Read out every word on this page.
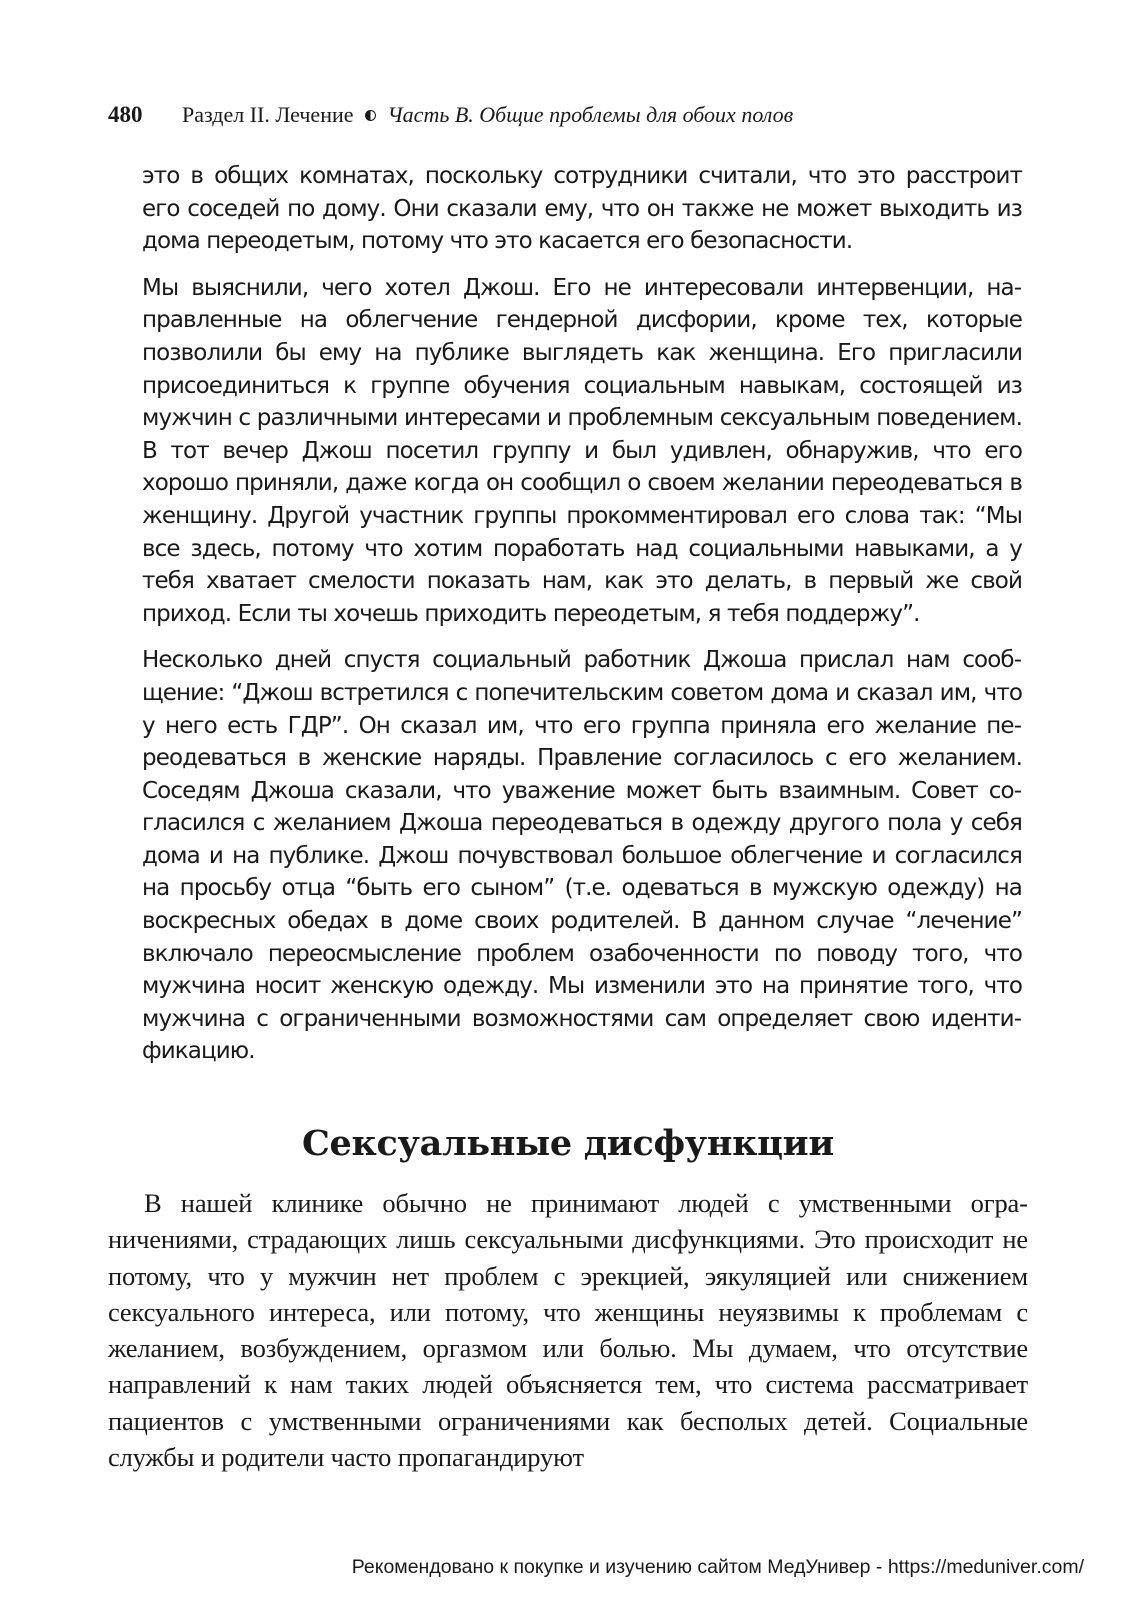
480 Раздел II. Лечение Часть B. Общие проблемы для обоих полов

это в общих комнатах, поскольку сотрудники считали, что это расстроит его соседей по дому. Они сказали ему, что он также не может выходить из дома переодетым, потому что это касается его безопасности.

Мы выяснили, чего хотел Джош. Его не интересовали интервенции, направленные на облегчение гендерной дисфории, кроме тех, которые позволили бы ему на публике выглядеть как женщина. Его пригласили присоединиться к группе обучения социальным навыкам, состоящей из мужчин с различными интересами и проблемным сексуальным поведением. В тот вечер Джош посетил группу и был удивлен, обнаружив, что его хорошо приняли, даже когда он сообщил о своем желании переодеваться в женщину. Другой участник группы прокомментировал его слова так: “Мы все здесь, потому что хотим поработать над социальными навыками, а у тебя хватает смелости показать нам, как это делать, в первый же свой приход. Если ты хочешь приходить переодетым, я тебя поддержу”.

Несколько дней спустя социальный работник Джоша прислал нам сообщение: “Джош встретился с попечительским советом дома и сказал им, что у него есть ГДР”. Он сказал им, что его группа приняла его желание переодеваться в женские наряды. Правление согласилось с его желанием. Соседям Джоша сказали, что уважение может быть взаимным. Совет согласился с желанием Джоша переодеваться в одежду другого пола у себя дома и на публике. Джош почувствовал большое облегчение и согласился на просьбу отца “быть его сыном” (т.е. одеваться в мужскую одежду) на воскресных обедах в доме своих родителей. В данном случае “лечение” включало переосмысление проблем озабоченности по поводу того, что мужчина носит женскую одежду. Мы изменили это на принятие того, что мужчина с ограниченными возможностями сам определяет свою идентификацию.

Сексуальные дисфункции

В нашей клинике обычно не принимают людей с умственными ограничениями, страдающих лишь сексуальными дисфункциями. Это происходит не потому, что у мужчин нет проблем с эрекцией, эякуляцией или снижением сексуального интереса, или потому, что женщины неуязвимы к проблемам с желанием, возбуждением, оргазмом или болью. Мы думаем, что отсутствие направлений к нам таких людей объясняется тем, что система рассматривает пациентов с умственными ограничениями как бесполых детей. Социальные службы и родители часто пропагандируют

Рекомендовано к покупке и изучению сайтом МедУнивер - https://meduniver.com/
